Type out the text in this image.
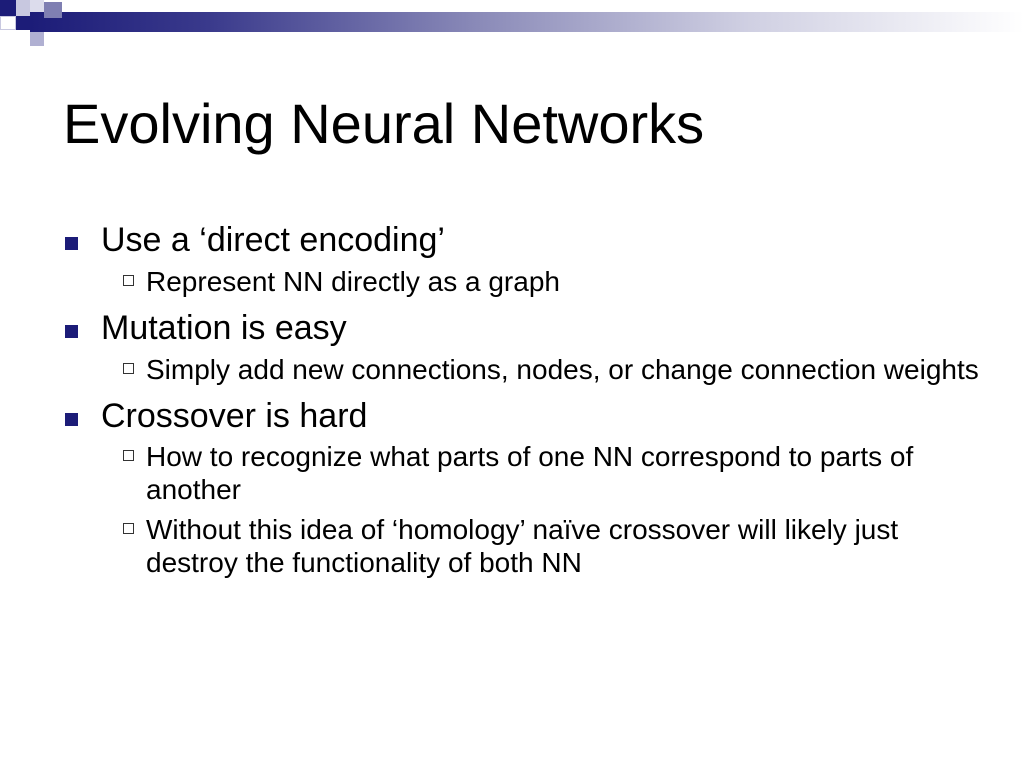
Evolving Neural Networks
Use a ‘direct encoding’
Represent NN directly as a graph
Mutation is easy
Simply add new connections, nodes, or change connection weights
Crossover is hard
How to recognize what parts of one NN correspond to parts of another
Without this idea of ‘homology’ naïve crossover will likely just destroy the functionality of both NN
